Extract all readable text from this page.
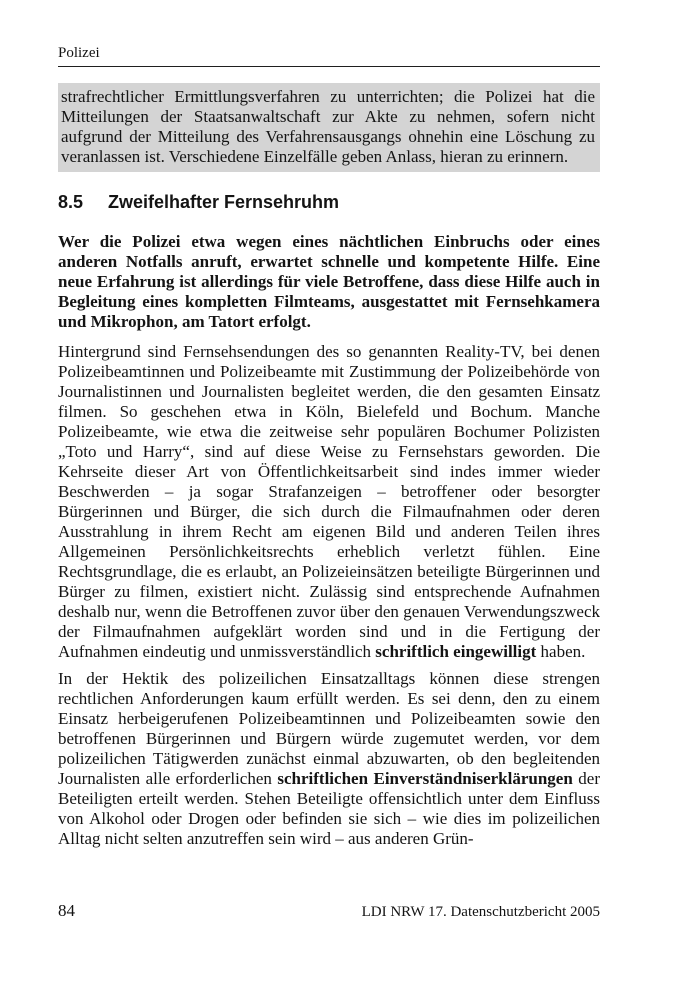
Polizei

strafrechtlicher Ermittlungsverfahren zu unterrichten; die Polizei hat die Mitteilungen der Staatsanwaltschaft zur Akte zu nehmen, sofern nicht aufgrund der Mitteilung des Verfahrensausgangs ohnehin eine Löschung zu veranlassen ist. Verschiedene Einzelfälle geben Anlass, hieran zu erinnern.

8.5	Zweifelhafter Fernsehruhm

Wer die Polizei etwa wegen eines nächtlichen Einbruchs oder eines anderen Notfalls anruft, erwartet schnelle und kompetente Hilfe. Eine neue Erfahrung ist allerdings für viele Betroffene, dass diese Hilfe auch in Begleitung eines kompletten Filmteams, ausgestattet mit Fernsehkamera und Mikrophon, am Tatort erfolgt.

Hintergrund sind Fernsehsendungen des so genannten Reality-TV, bei denen Polizeibeamtinnen und Polizeibeamte mit Zustimmung der Polizeibehörde von Journalistinnen und Journalisten begleitet werden, die den gesamten Einsatz filmen. So geschehen etwa in Köln, Bielefeld und Bochum. Manche Polizeibeamte, wie etwa die zeitweise sehr populären Bochumer Polizisten „Toto und Harry“, sind auf diese Weise zu Fernsehstars geworden. Die Kehrseite dieser Art von Öffentlichkeitsarbeit sind indes immer wieder Beschwerden – ja sogar Strafanzeigen – betroffener oder besorgter Bürgerinnen und Bürger, die sich durch die Filmaufnahmen oder deren Ausstrahlung in ihrem Recht am eigenen Bild und anderen Teilen ihres Allgemeinen Persönlichkeitsrechts erheblich verletzt fühlen. Eine Rechtsgrundlage, die es erlaubt, an Polizeieinsätzen beteiligte Bürgerinnen und Bürger zu filmen, existiert nicht. Zulässig sind entsprechende Aufnahmen deshalb nur, wenn die Betroffenen zuvor über den genauen Verwendungszweck der Filmaufnahmen aufgeklärt worden sind und in die Fertigung der Aufnahmen eindeutig und unmissverständlich schriftlich eingewilligt haben.

In der Hektik des polizeilichen Einsatzalltags können diese strengen rechtlichen Anforderungen kaum erfüllt werden. Es sei denn, den zu einem Einsatz herbeigerufenen Polizeibeamtinnen und Polizeibeamten sowie den betroffenen Bürgerinnen und Bürgern würde zugemutet werden, vor dem polizeilichen Tätigwerden zunächst einmal abzuwarten, ob den begleitenden Journalisten alle erforderlichen schriftlichen Einverständniserklärungen der Beteiligten erteilt werden. Stehen Beteiligte offensichtlich unter dem Einfluss von Alkohol oder Drogen oder befinden sie sich – wie dies im polizeilichen Alltag nicht selten anzutreffen sein wird – aus anderen Grün-

84	LDI NRW 17. Datenschutzbericht 2005
